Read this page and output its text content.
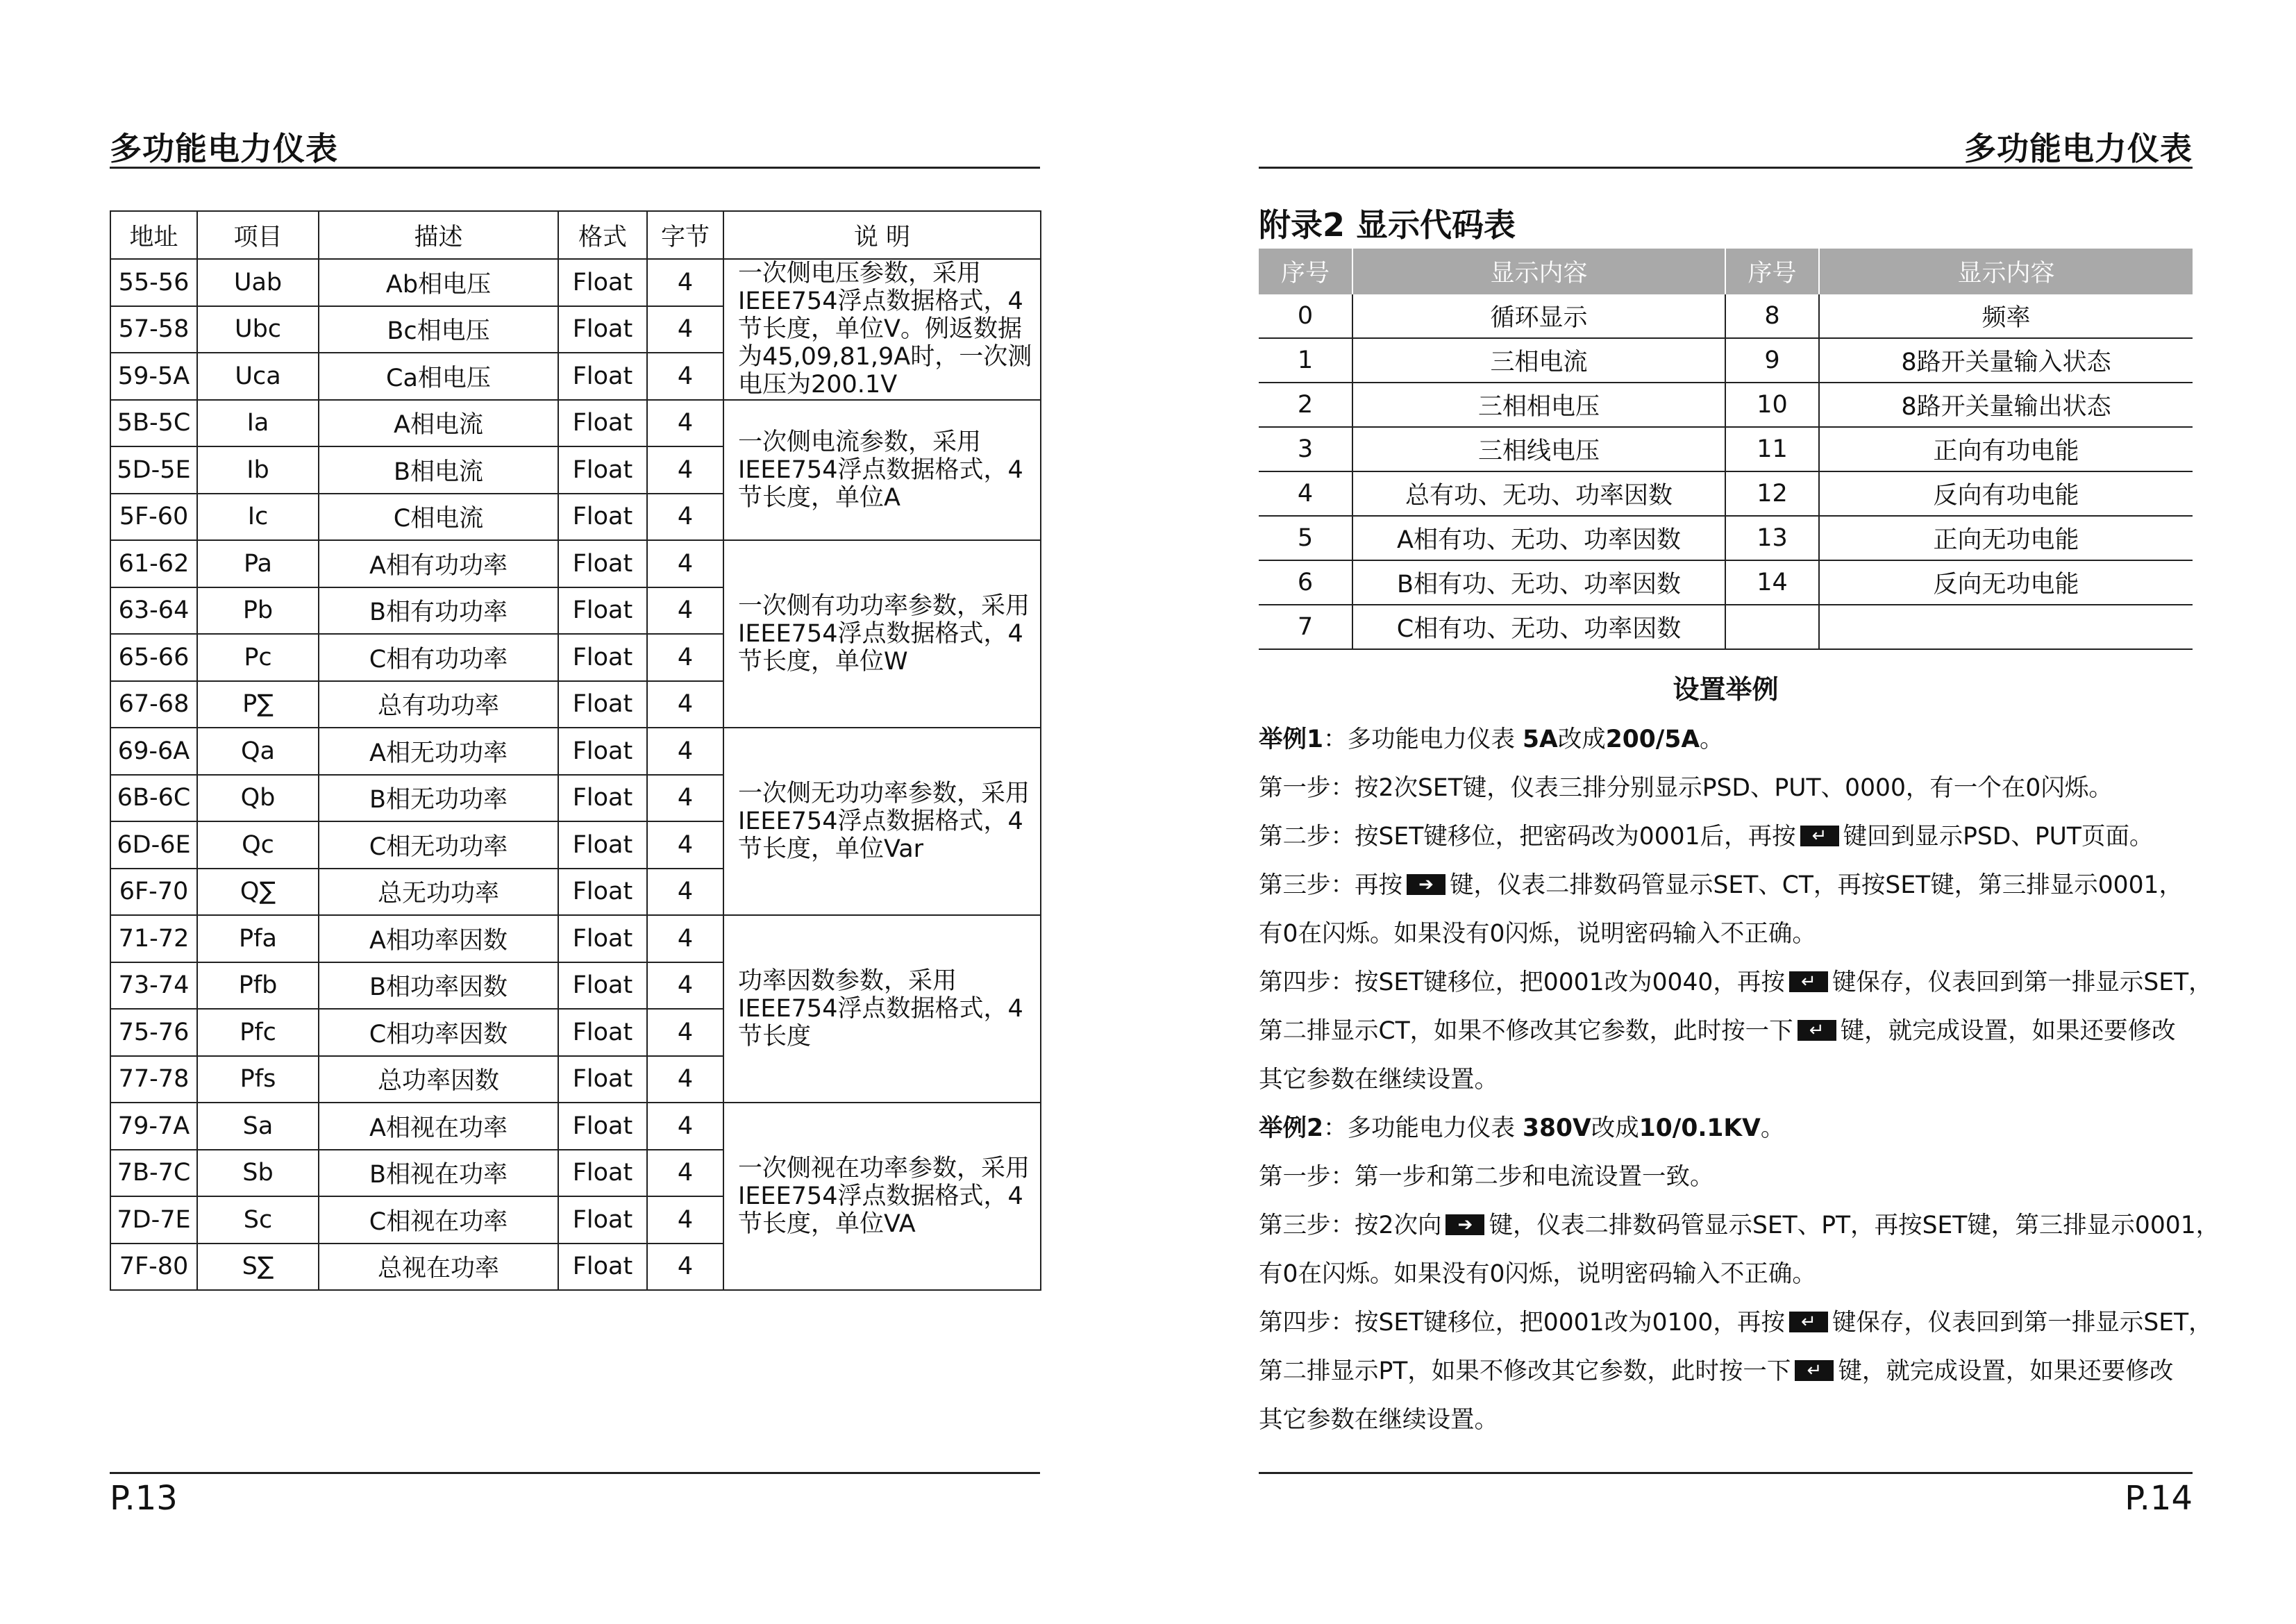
多功能电力仪表
地址	项目	描述	格式	字节	说 明
55-56	Uab	Ab相电压	Float	4	一次侧电压参数，采用IEEE754浮点数据格式，4节长度，单位V。例返数据为45,09,81,9A时，一次测电压为200.1V
57-58	Ubc	Bc相电压	Float	4	
59-5A	Uca	Ca相电压	Float	4	
5B-5C	Ia	A相电流	Float	4	一次侧电流参数，采用IEEE754浮点数据格式，4节长度，单位A
5D-5E	Ib	B相电流	Float	4	
5F-60	Ic	C相电流	Float	4	
61-62	Pa	A相有功功率	Float	4	一次侧有功功率参数，采用IEEE754浮点数据格式，4节长度，单位W
63-64	Pb	B相有功功率	Float	4	
65-66	Pc	C相有功功率	Float	4	
67-68	P∑	总有功功率	Float	4	
69-6A	Qa	A相无功功率	Float	4	一次侧无功功率参数，采用IEEE754浮点数据格式，4节长度，单位Var
6B-6C	Qb	B相无功功率	Float	4	
6D-6E	Qc	C相无功功率	Float	4	
6F-70	Q∑	总无功功率	Float	4	
71-72	Pfa	A相功率因数	Float	4	功率因数参数，采用IEEE754浮点数据格式，4节长度
73-74	Pfb	B相功率因数	Float	4	
75-76	Pfc	C相功率因数	Float	4	
77-78	Pfs	总功率因数	Float	4	
79-7A	Sa	A相视在功率	Float	4	一次侧视在功率参数，采用IEEE754浮点数据格式，4节长度，单位VA
7B-7C	Sb	B相视在功率	Float	4	
7D-7E	Sc	C相视在功率	Float	4	
7F-80	S∑	总视在功率	Float	4	
P.13
多功能电力仪表
附录2 显示代码表
序号	显示内容	序号	显示内容
0	循环显示	8	频率
1	三相电流	9	8路开关量输入状态
2	三相相电压	10	8路开关量输出状态
3	三相线电压	11	正向有功电能
4	总有功、无功、功率因数	12	反向有功电能
5	A相有功、无功、功率因数	13	正向无功电能
6	B相有功、无功、功率因数	14	反向无功电能
7	C相有功、无功、功率因数		
设置举例
举例1：多功能电力仪表 5A改成200/5A。
第一步：按2次SET键，仪表三排分别显示PSD、PUT、0000，有一个在0闪烁。
第二步：按SET键移位，把密码改为0001后，再按 ↵ 键回到显示PSD、PUT页面。
第三步：再按 ➔ 键，仪表二排数码管显示SET、CT，再按SET键，第三排显示0001，
有0在闪烁。如果没有0闪烁，说明密码输入不正确。
第四步：按SET键移位，把0001改为0040，再按 ↵ 键保存，仪表回到第一排显示SET，
第二排显示CT，如果不修改其它参数，此时按一下 ↵ 键，就完成设置，如果还要修改
其它参数在继续设置。
举例2：多功能电力仪表 380V改成10/0.1KV。
第一步：第一步和第二步和电流设置一致。
第三步：按2次向 ➔ 键，仪表二排数码管显示SET、PT，再按SET键，第三排显示0001，
有0在闪烁。如果没有0闪烁，说明密码输入不正确。
第四步：按SET键移位，把0001改为0100，再按 ↵ 键保存，仪表回到第一排显示SET，
第二排显示PT，如果不修改其它参数，此时按一下 ↵ 键，就完成设置，如果还要修改
其它参数在继续设置。
P.14
